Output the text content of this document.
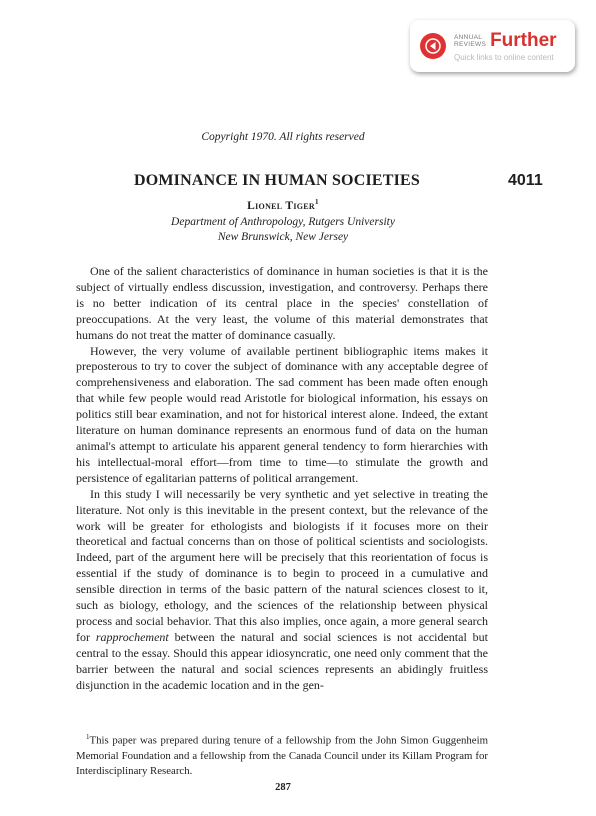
ANNUAL
REVIEWS Further
Quick links to online content
Copyright 1970. All rights reserved
DOMINANCE IN HUMAN SOCIETIES	4011
Lionel Tiger$^1$
Department of Anthropology, Rutgers University
New Brunswick, New Jersey

One of the salient characteristics of dominance in human societies is that it is the subject of virtually endless discussion, investigation, and controversy. Perhaps there is no better indication of its central place in the species' constellation of preoccupations. At the very least, the volume of this material demonstrates that humans do not treat the matter of dominance casually.

However, the very volume of available pertinent bibliographic items makes it preposterous to try to cover the subject of dominance with any acceptable degree of comprehensiveness and elaboration. The sad comment has been made often enough that while few people would read Aristotle for biological information, his essays on politics still bear examination, and not for historical interest alone. Indeed, the extant literature on human dominance represents an enormous fund of data on the human animal's attempt to articulate his apparent general tendency to form hierarchies with his intellectual-moral effort—from time to time—to stimulate the growth and persistence of egalitarian patterns of political arrangement.

In this study I will necessarily be very synthetic and yet selective in treating the literature. Not only is this inevitable in the present context, but the relevance of the work will be greater for ethologists and biologists if it focuses more on their theoretical and factual concerns than on those of political scientists and sociologists. Indeed, part of the argument here will be precisely that this reorientation of focus is essential if the study of dominance is to begin to proceed in a cumulative and sensible direction in terms of the basic pattern of the natural sciences closest to it, such as biology, ethology, and the sciences of the relationship between physical process and social behavior. That this also implies, once again, a more general search for rapprochement between the natural and social sciences is not accidental but central to the essay. Should this appear idiosyncratic, one need only comment that the barrier between the natural and social sciences represents an abidingly fruitless disjunction in the academic location and in the gen-

$^1$This paper was prepared during tenure of a fellowship from the John Simon Guggenheim Memorial Foundation and a fellowship from the Canada Council under its Killam Program for Interdisciplinary Research.

287
